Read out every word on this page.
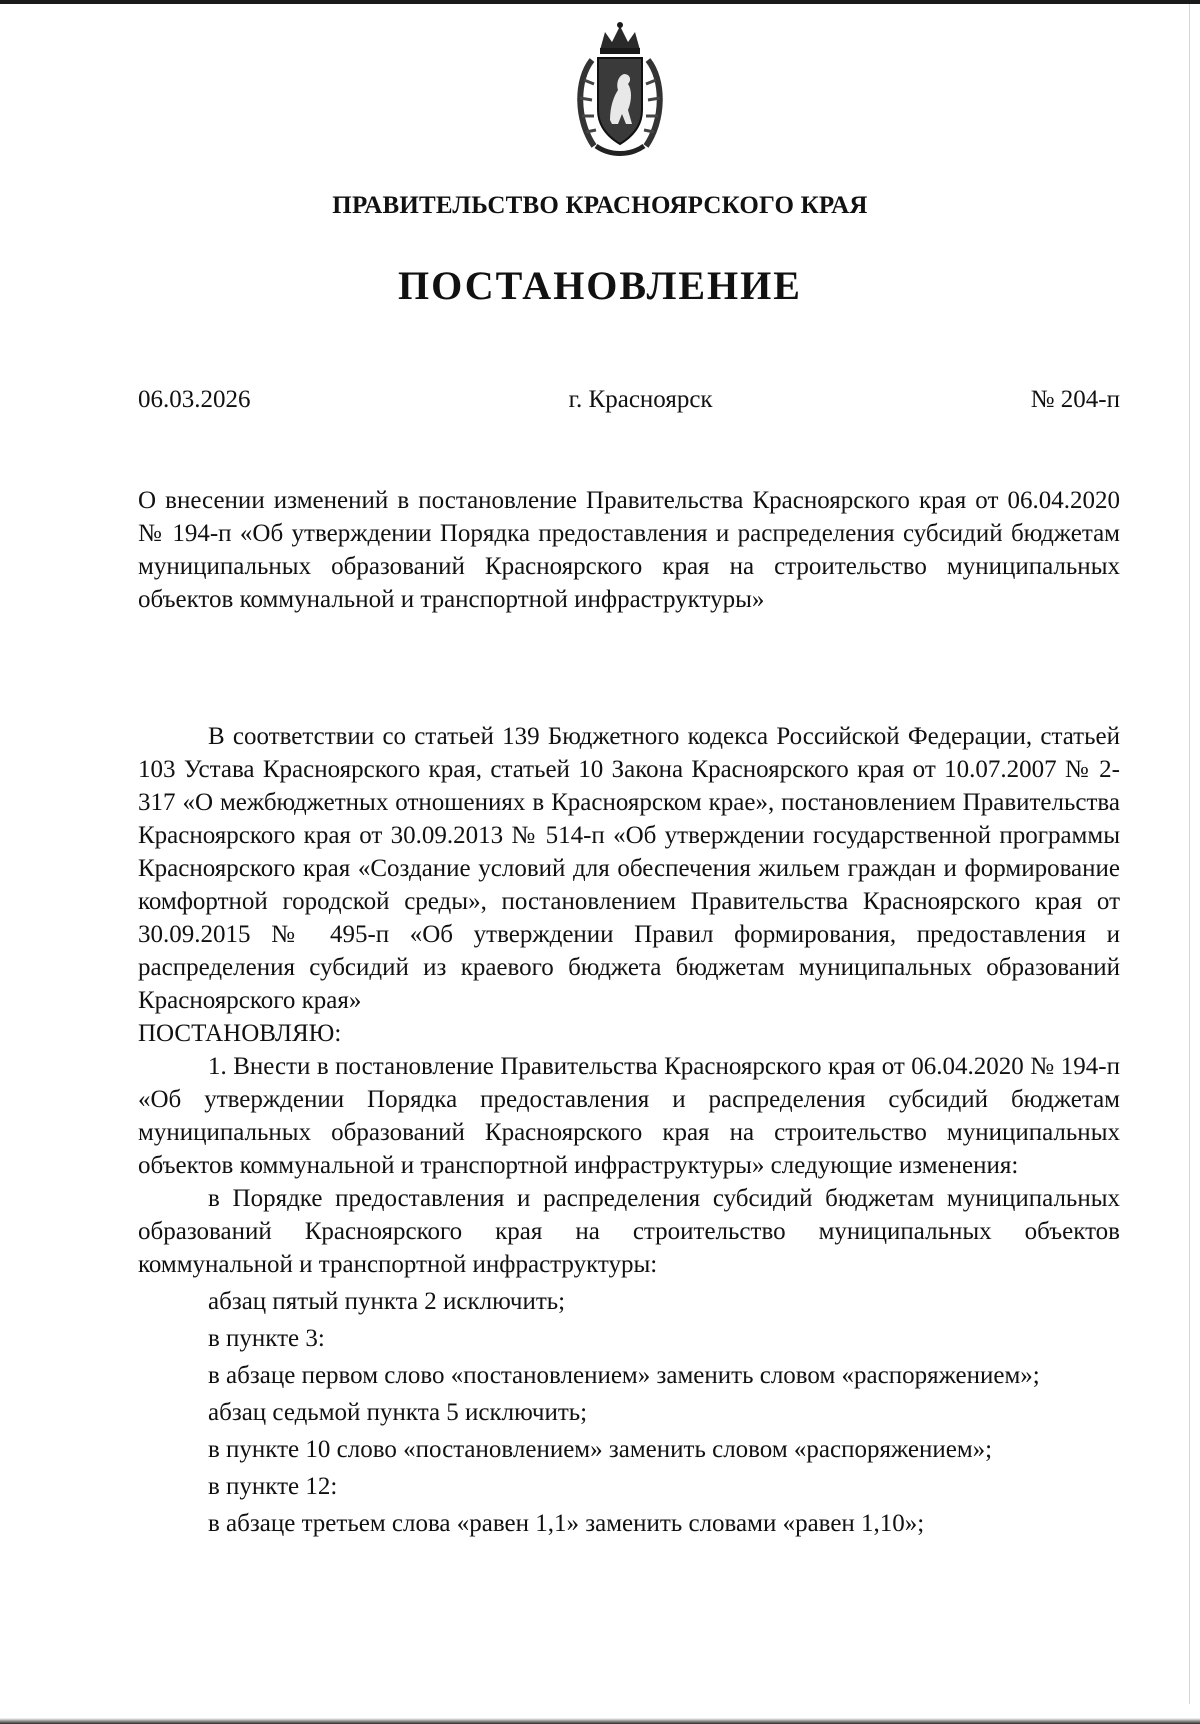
ПРАВИТЕЛЬСТВО КРАСНОЯРСКОГО КРАЯ
ПОСТАНОВЛЕНИЕ
06.03.2026	г. Красноярск	№ 204-п
О внесении изменений в постановление Правительства Красноярского края от 06.04.2020 № 194-п «Об утверждении Порядка предоставления и распределения субсидий бюджетам муниципальных образований Красноярского края на строительство муниципальных объектов коммунальной и транспортной инфраструктуры»

В соответствии со статьей 139 Бюджетного кодекса Российской Федерации, статьей 103 Устава Красноярского края, статьей 10 Закона Красноярского края от 10.07.2007 № 2-317 «О межбюджетных отношениях в Красноярском крае», постановлением Правительства Красноярского края от 30.09.2013 № 514-п «Об утверждении государственной программы Красноярского края «Создание условий для обеспечения жильем граждан и формирование комфортной городской среды», постановлением Правительства Красноярского края от 30.09.2015 № 495-п «Об утверждении Правил формирования, предоставления и распределения субсидий из краевого бюджета бюджетам муниципальных образований Красноярского края»

ПОСТАНОВЛЯЮ:

1. Внести в постановление Правительства Красноярского края от 06.04.2020 № 194-п «Об утверждении Порядка предоставления и распределения субсидий бюджетам муниципальных образований Красноярского края на строительство муниципальных объектов коммунальной и транспортной инфраструктуры» следующие изменения:

в Порядке предоставления и распределения субсидий бюджетам муниципальных образований Красноярского края на строительство муниципальных объектов коммунальной и транспортной инфраструктуры:

абзац пятый пункта 2 исключить;

в пункте 3:

в абзаце первом слово «постановлением» заменить словом «распоряжением»;

абзац седьмой пункта 5 исключить;

в пункте 10 слово «постановлением» заменить словом «распоряжением»;

в пункте 12:

в абзаце третьем слова «равен 1,1» заменить словами «равен 1,10»;
